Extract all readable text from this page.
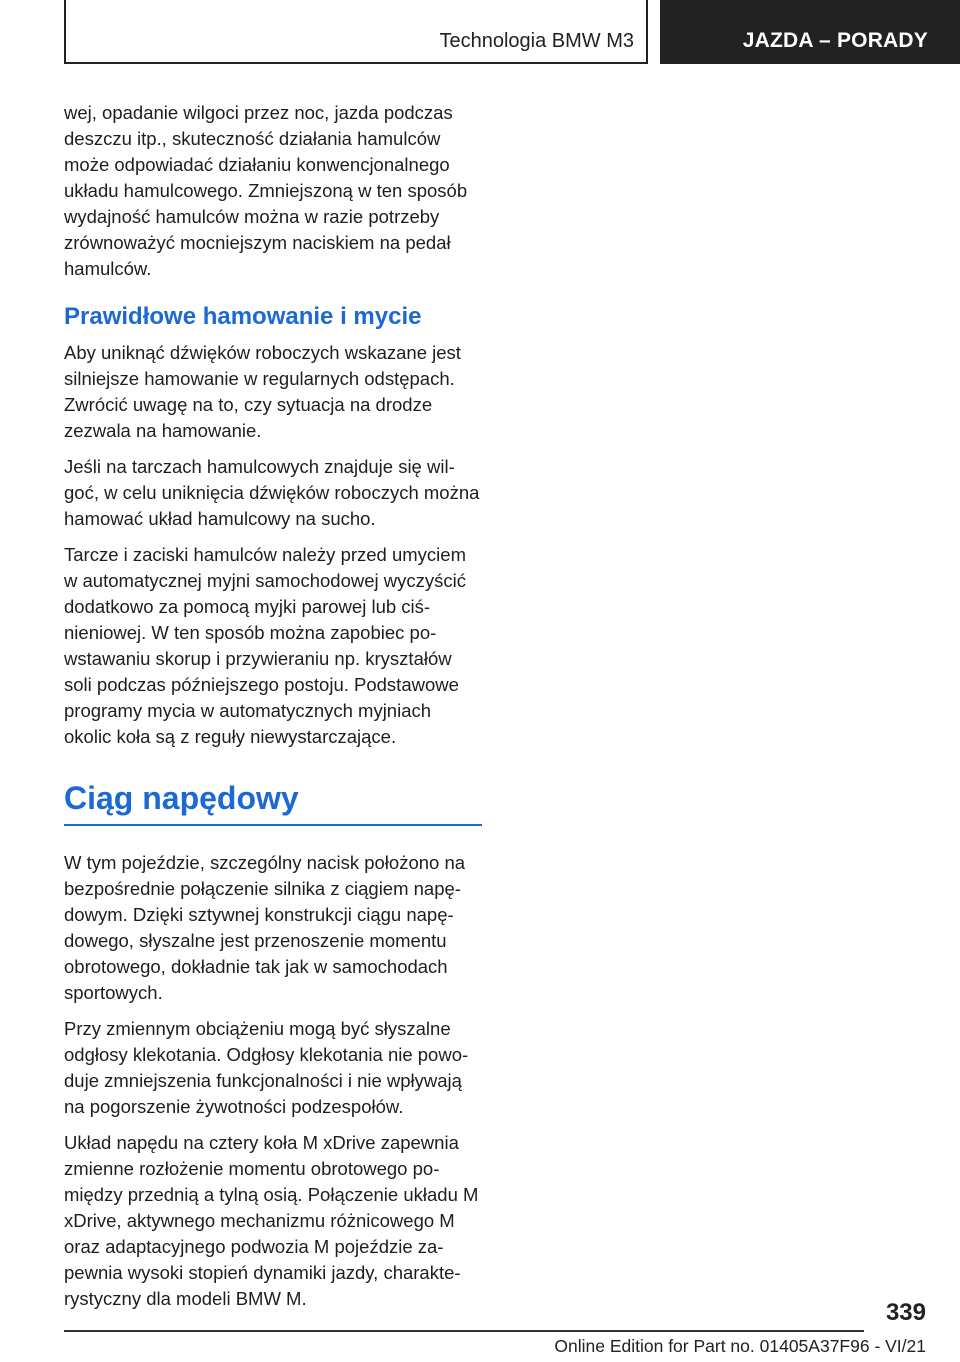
Technologia BMW M3	JAZDA – PORADY

wej, opadanie wilgoci przez noc, jazda podczas deszczu itp., skuteczność działania hamulców może odpowiadać działaniu konwencjonalnego układu hamulcowego. Zmniejszoną w ten sposób wydajność hamulców można w razie potrzeby zrównoważyć mocniejszym naciskiem na pedał hamulców.

Prawidłowe hamowanie i mycie

Aby uniknąć dźwięków roboczych wskazane jest silniejsze hamowanie w regularnych odstępach. Zwrócić uwagę na to, czy sytuacja na drodze zezwala na hamowanie.

Jeśli na tarczach hamulcowych znajduje się wilgoć, w celu uniknięcia dźwięków roboczych można hamować układ hamulcowy na sucho.

Tarcze i zaciski hamulców należy przed umyciem w automatycznej myjni samochodowej wyczyścić dodatkowo za pomocą myjki parowej lub ciśnieniowej. W ten sposób można zapobiec powstawaniu skorup i przywieraniu np. kryształów soli podczas późniejszego postoju. Podstawowe programy mycia w automatycznych myjniach okolic koła są z reguły niewystarczające.

Ciąg napędowy

W tym pojeździe, szczególny nacisk położono na bezpośrednie połączenie silnika z ciągiem napędowym. Dzięki sztywnej konstrukcji ciągu napędowego, słyszalne jest przenoszenie momentu obrotowego, dokładnie tak jak w samochodach sportowych.

Przy zmiennym obciążeniu mogą być słyszalne odgłosy klekotania. Odgłosy klekotania nie powoduje zmniejszenia funkcjonalności i nie wpływają na pogorszenie żywotności podzespołów.

Układ napędu na cztery koła M xDrive zapewnia zmienne rozłożenie momentu obrotowego pomiędzy przednią a tylną osią. Połączenie układu M xDrive, aktywnego mechanizmu różnicowego M oraz adaptacyjnego podwozia M pojeździe zapewnia wysoki stopień dynamiki jazdy, charakterystyczny dla modeli BMW M.

339
Online Edition for Part no. 01405A37F96 - VI/21
